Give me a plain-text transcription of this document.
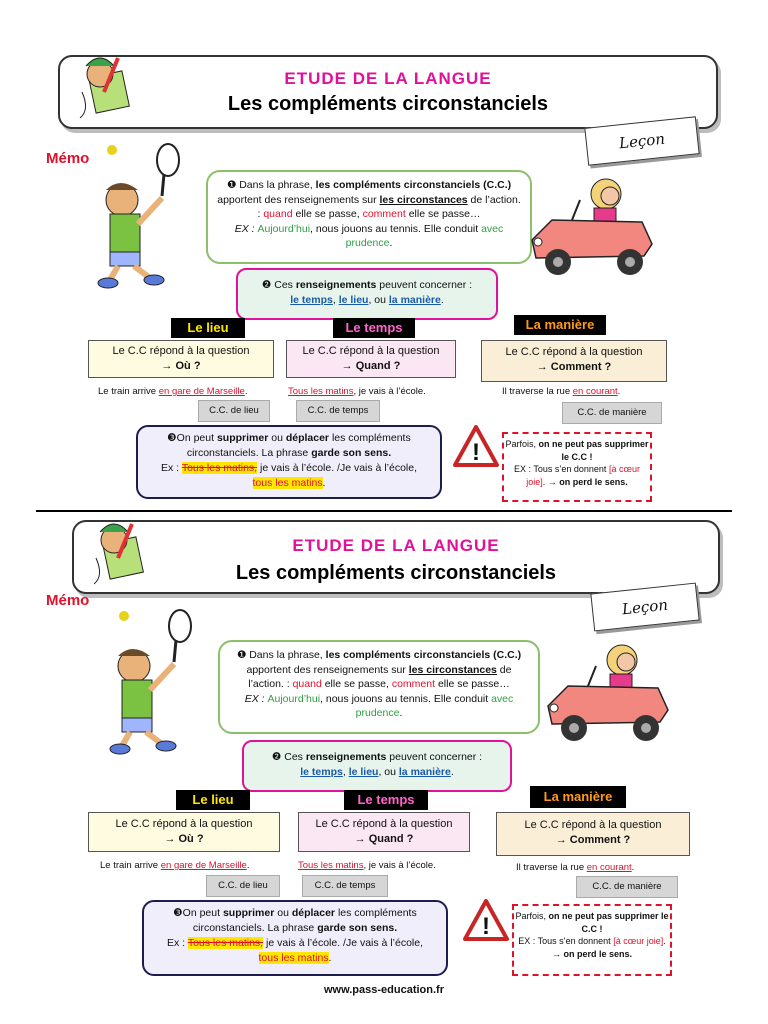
ETUDE DE LA LANGUE
Les compléments circonstanciels
Leçon
Mémo
❶ Dans la phrase, les compléments circonstanciels (C.C.) apportent des renseignements sur les circonstances de l’action. : quand elle se passe, comment elle se passe…
EX : Aujourd’hui, nous jouons au tennis. Elle conduit avec prudence.
❷ Ces renseignements peuvent concerner :
le temps, le lieu, ou la manière.
Le lieu	Le temps	La manière
Le C.C répond à la question
→ Où ?
Le C.C répond à la question
→ Quand ?
Le C.C répond à la question
→ Comment ?
Le train arrive en gare de Marseille.	Tous les matins, je vais à l’école.	Il traverse la rue en courant.
C.C. de lieu	C.C. de temps	C.C. de manière
❸On peut supprimer ou déplacer les compléments circonstanciels. La phrase garde son sens.
Ex : Tous les matins, je vais à l’école. /Je vais à l’école,
tous les matins.
!	Parfois, on ne peut pas supprimer le C.C !
EX : Tous s’en donnent [à cœur joie]. → on perd le sens.
ETUDE DE LA LANGUE
Les compléments circonstanciels
Leçon
Mémo
❶ Dans la phrase, les compléments circonstanciels (C.C.) apportent des renseignements sur les circonstances de l’action. : quand elle se passe, comment elle se passe…
EX : Aujourd’hui, nous jouons au tennis. Elle conduit avec prudence.
❷ Ces renseignements peuvent concerner :
le temps, le lieu, ou la manière.
Le lieu	Le temps	La manière
Le C.C répond à la question
→ Où ?
Le C.C répond à la question
→ Quand ?
Le C.C répond à la question
→ Comment ?
Le train arrive en gare de Marseille.	Tous les matins, je vais à l’école.	Il traverse la rue en courant.
C.C. de lieu	C.C. de temps	C.C. de manière
❸On peut supprimer ou déplacer les compléments circonstanciels. La phrase garde son sens.
Ex : Tous les matins, je vais à l’école. /Je vais à l’école,
tous les matins.
!	Parfois, on ne peut pas supprimer le C.C !
EX : Tous s’en donnent [à cœur joie]. → on perd le sens.
www.pass-education.fr
